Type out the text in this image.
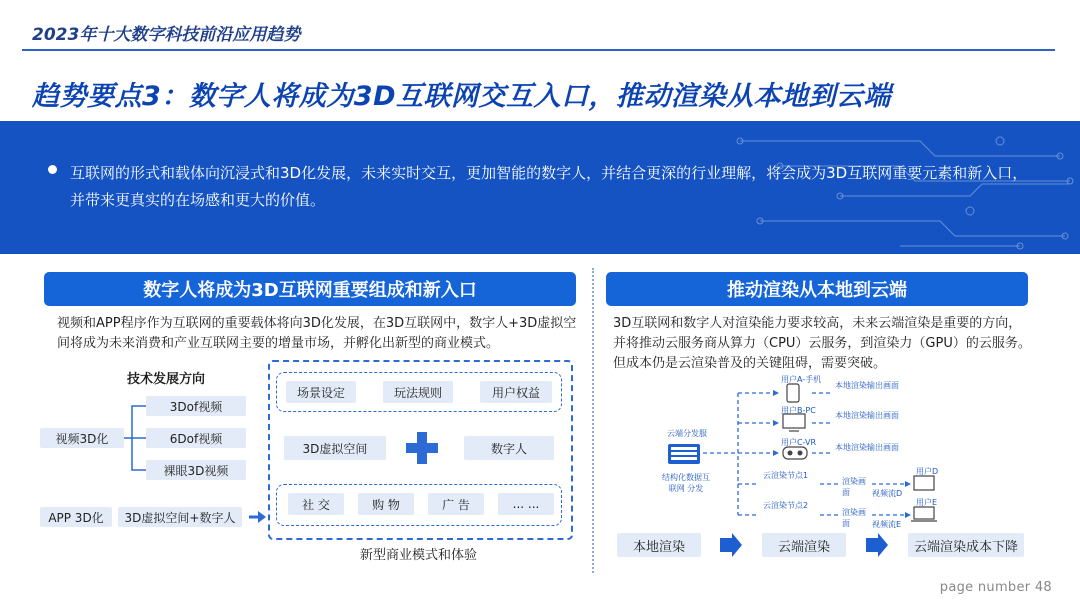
2023年十大数字科技前沿应用趋势
趋势要点3：数字人将成为3D互联网交互入口，推动渲染从本地到云端
互联网的形式和载体向沉浸式和3D化发展，未来实时交互，更加智能的数字人，并结合更深的行业理解，将会成为3D互联网重要元素和新入口，并带来更真实的在场感和更大的价值。
数字人将成为3D互联网重要组成和新入口
视频和APP程序作为互联网的重要载体将向3D化发展，在3D互联网中，数字人+3D虚拟空间将成为未来消费和产业互联网主要的增量市场，并孵化出新型的商业模式。
技术发展方向
视频3D化
3Dof视频
6Dof视频
裸眼3D视频
APP 3D化	3D虚拟空间+数字人
场景设定	玩法规则	用户权益
3D虚拟空间	数字人
社 交	购 物	广 告	... ...
新型商业模式和体验
推动渲染从本地到云端
3D互联网和数字人对渲染能力要求较高，未来云端渲染是重要的方向，并将推动云服务商从算力（CPU）云服务，到渲染力（GPU）的云服务。但成本仍是云渲染普及的关键阻碍，需要突破。
云端分发服
结构化数据互联网 分发
用户A-手机
用户B-PC
用户C-VR
本地渲染输出画面
本地渲染输出画面
本地渲染输出画面
云渲染节点1
云渲染节点2
渲染画面
渲染画面
用户D
用户E
视频流D
视频流E
本地渲染	云端渲染	云端渲染成本下降
page number 48
